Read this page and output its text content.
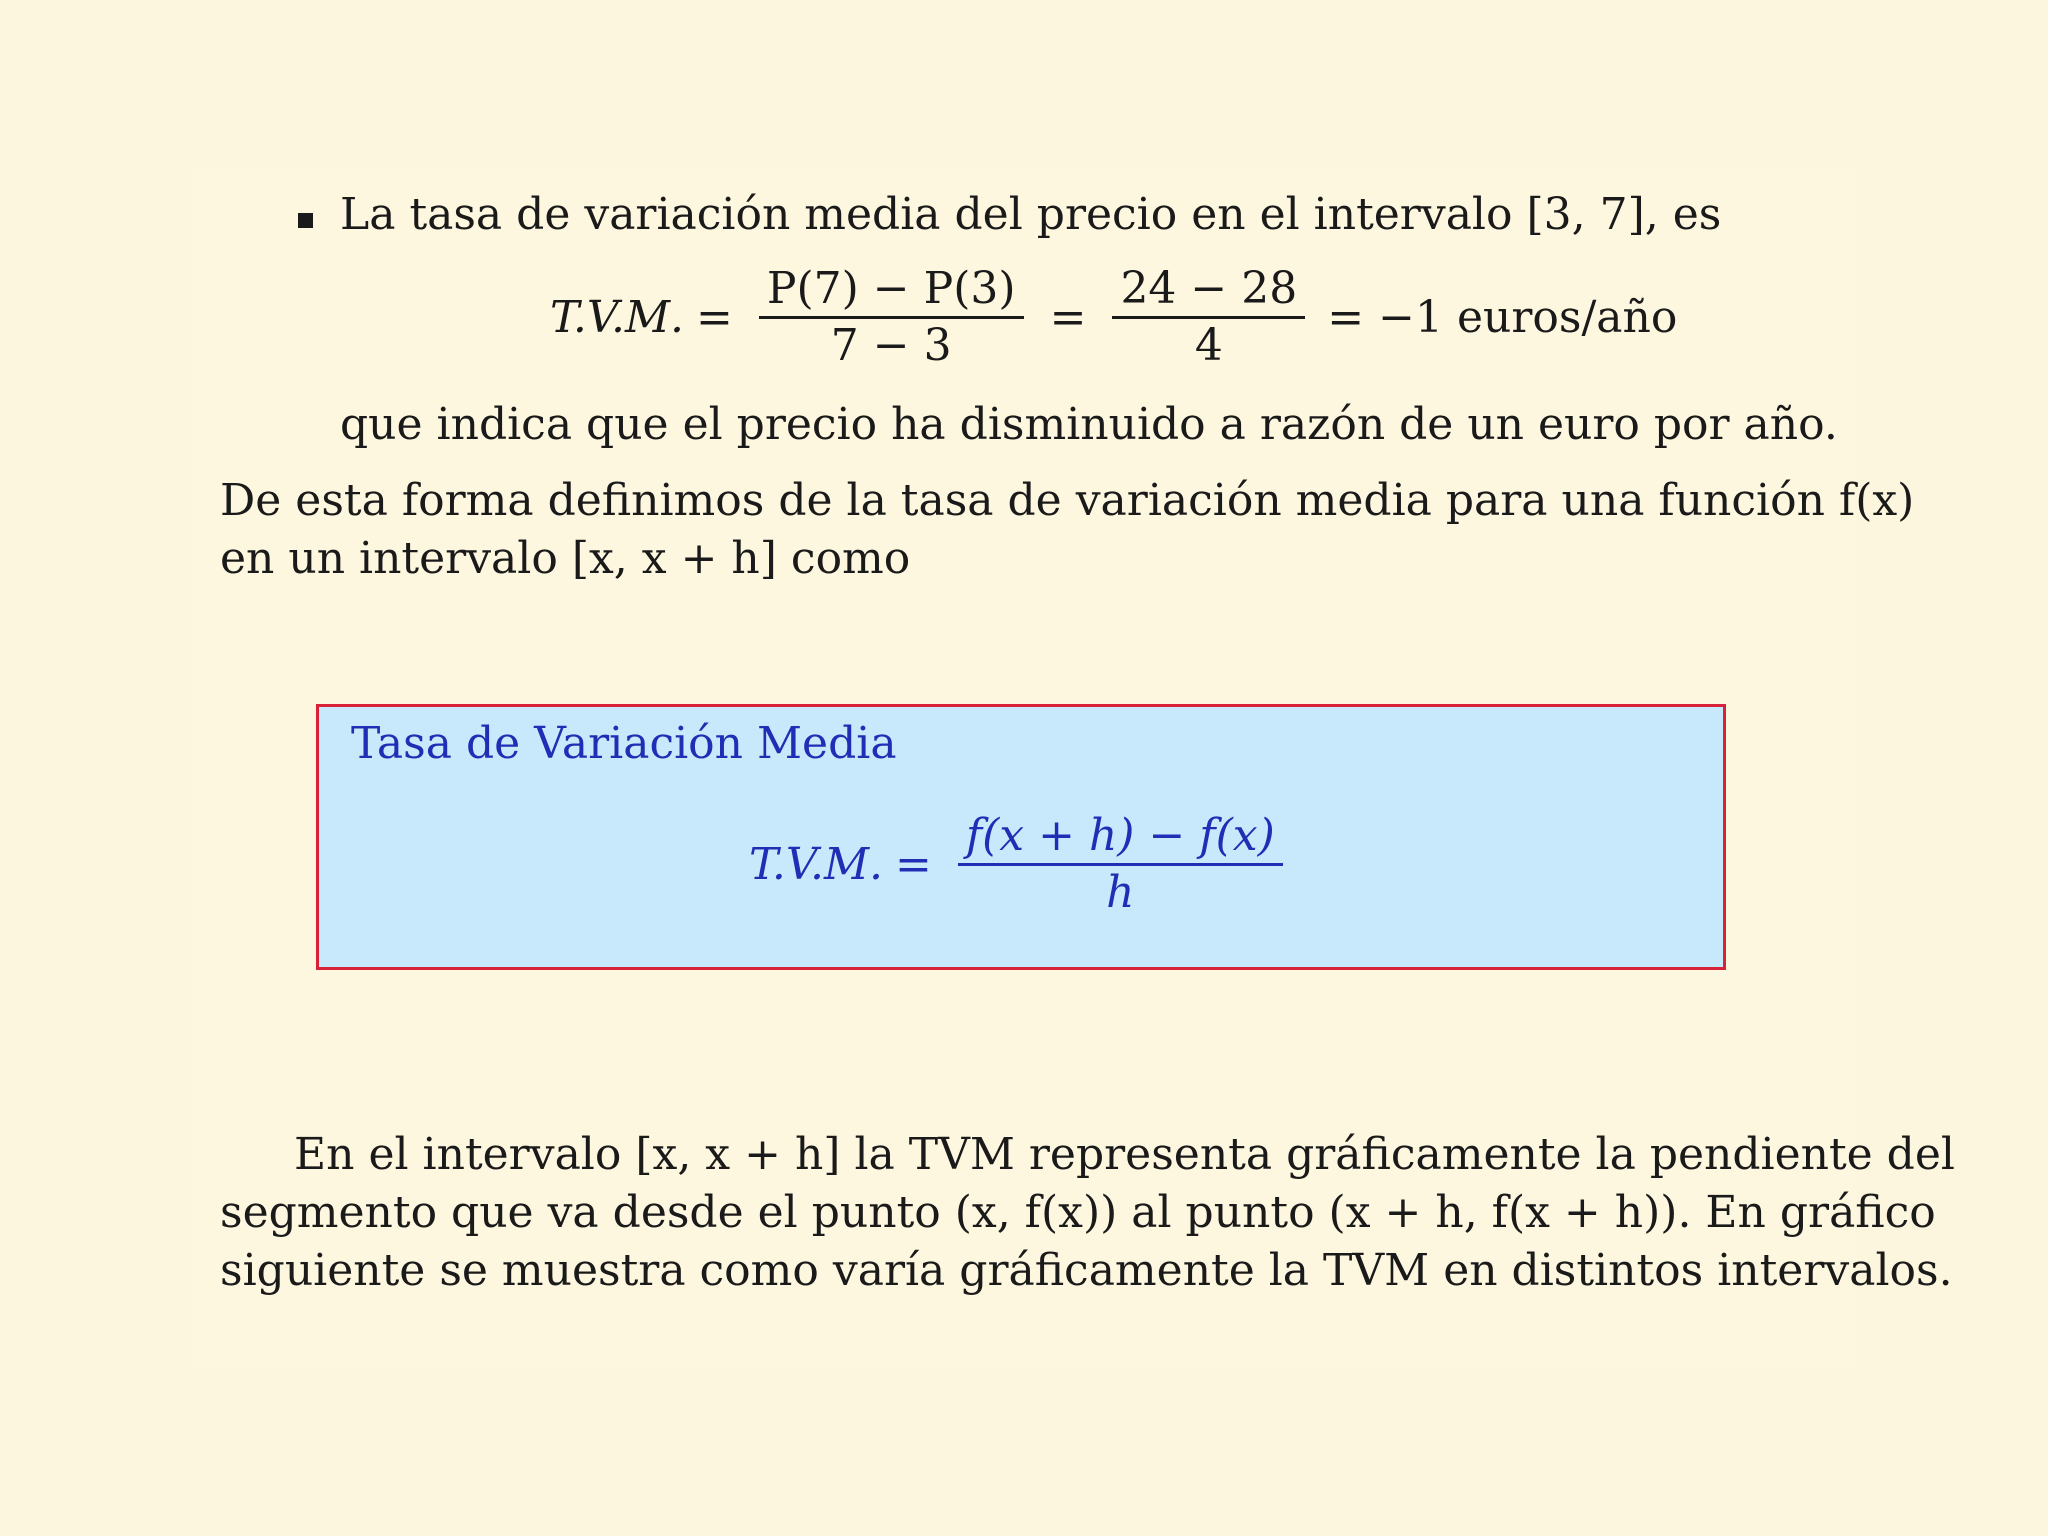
La tasa de variación media del precio en el intervalo [3, 7], es
T.V.M. = $\frac{P(7) - P(3)}{7 - 3} = \frac{24 - 28}{4} = -1$ euros/año
que indica que el precio ha disminuido a razón de un euro por año.
De esta forma definimos de la tasa de variación media para una función f(x)
en un intervalo [x, x + h] como
Tasa de Variación Media
T.V.M. = $\frac{f(x + h) - f(x)}{h}$
En el intervalo [x, x + h] la TVM representa gráficamente la pendiente del
segmento que va desde el punto (x, f(x)) al punto (x + h, f(x + h)). En gráfico
siguiente se muestra como varía gráficamente la TVM en distintos intervalos.
